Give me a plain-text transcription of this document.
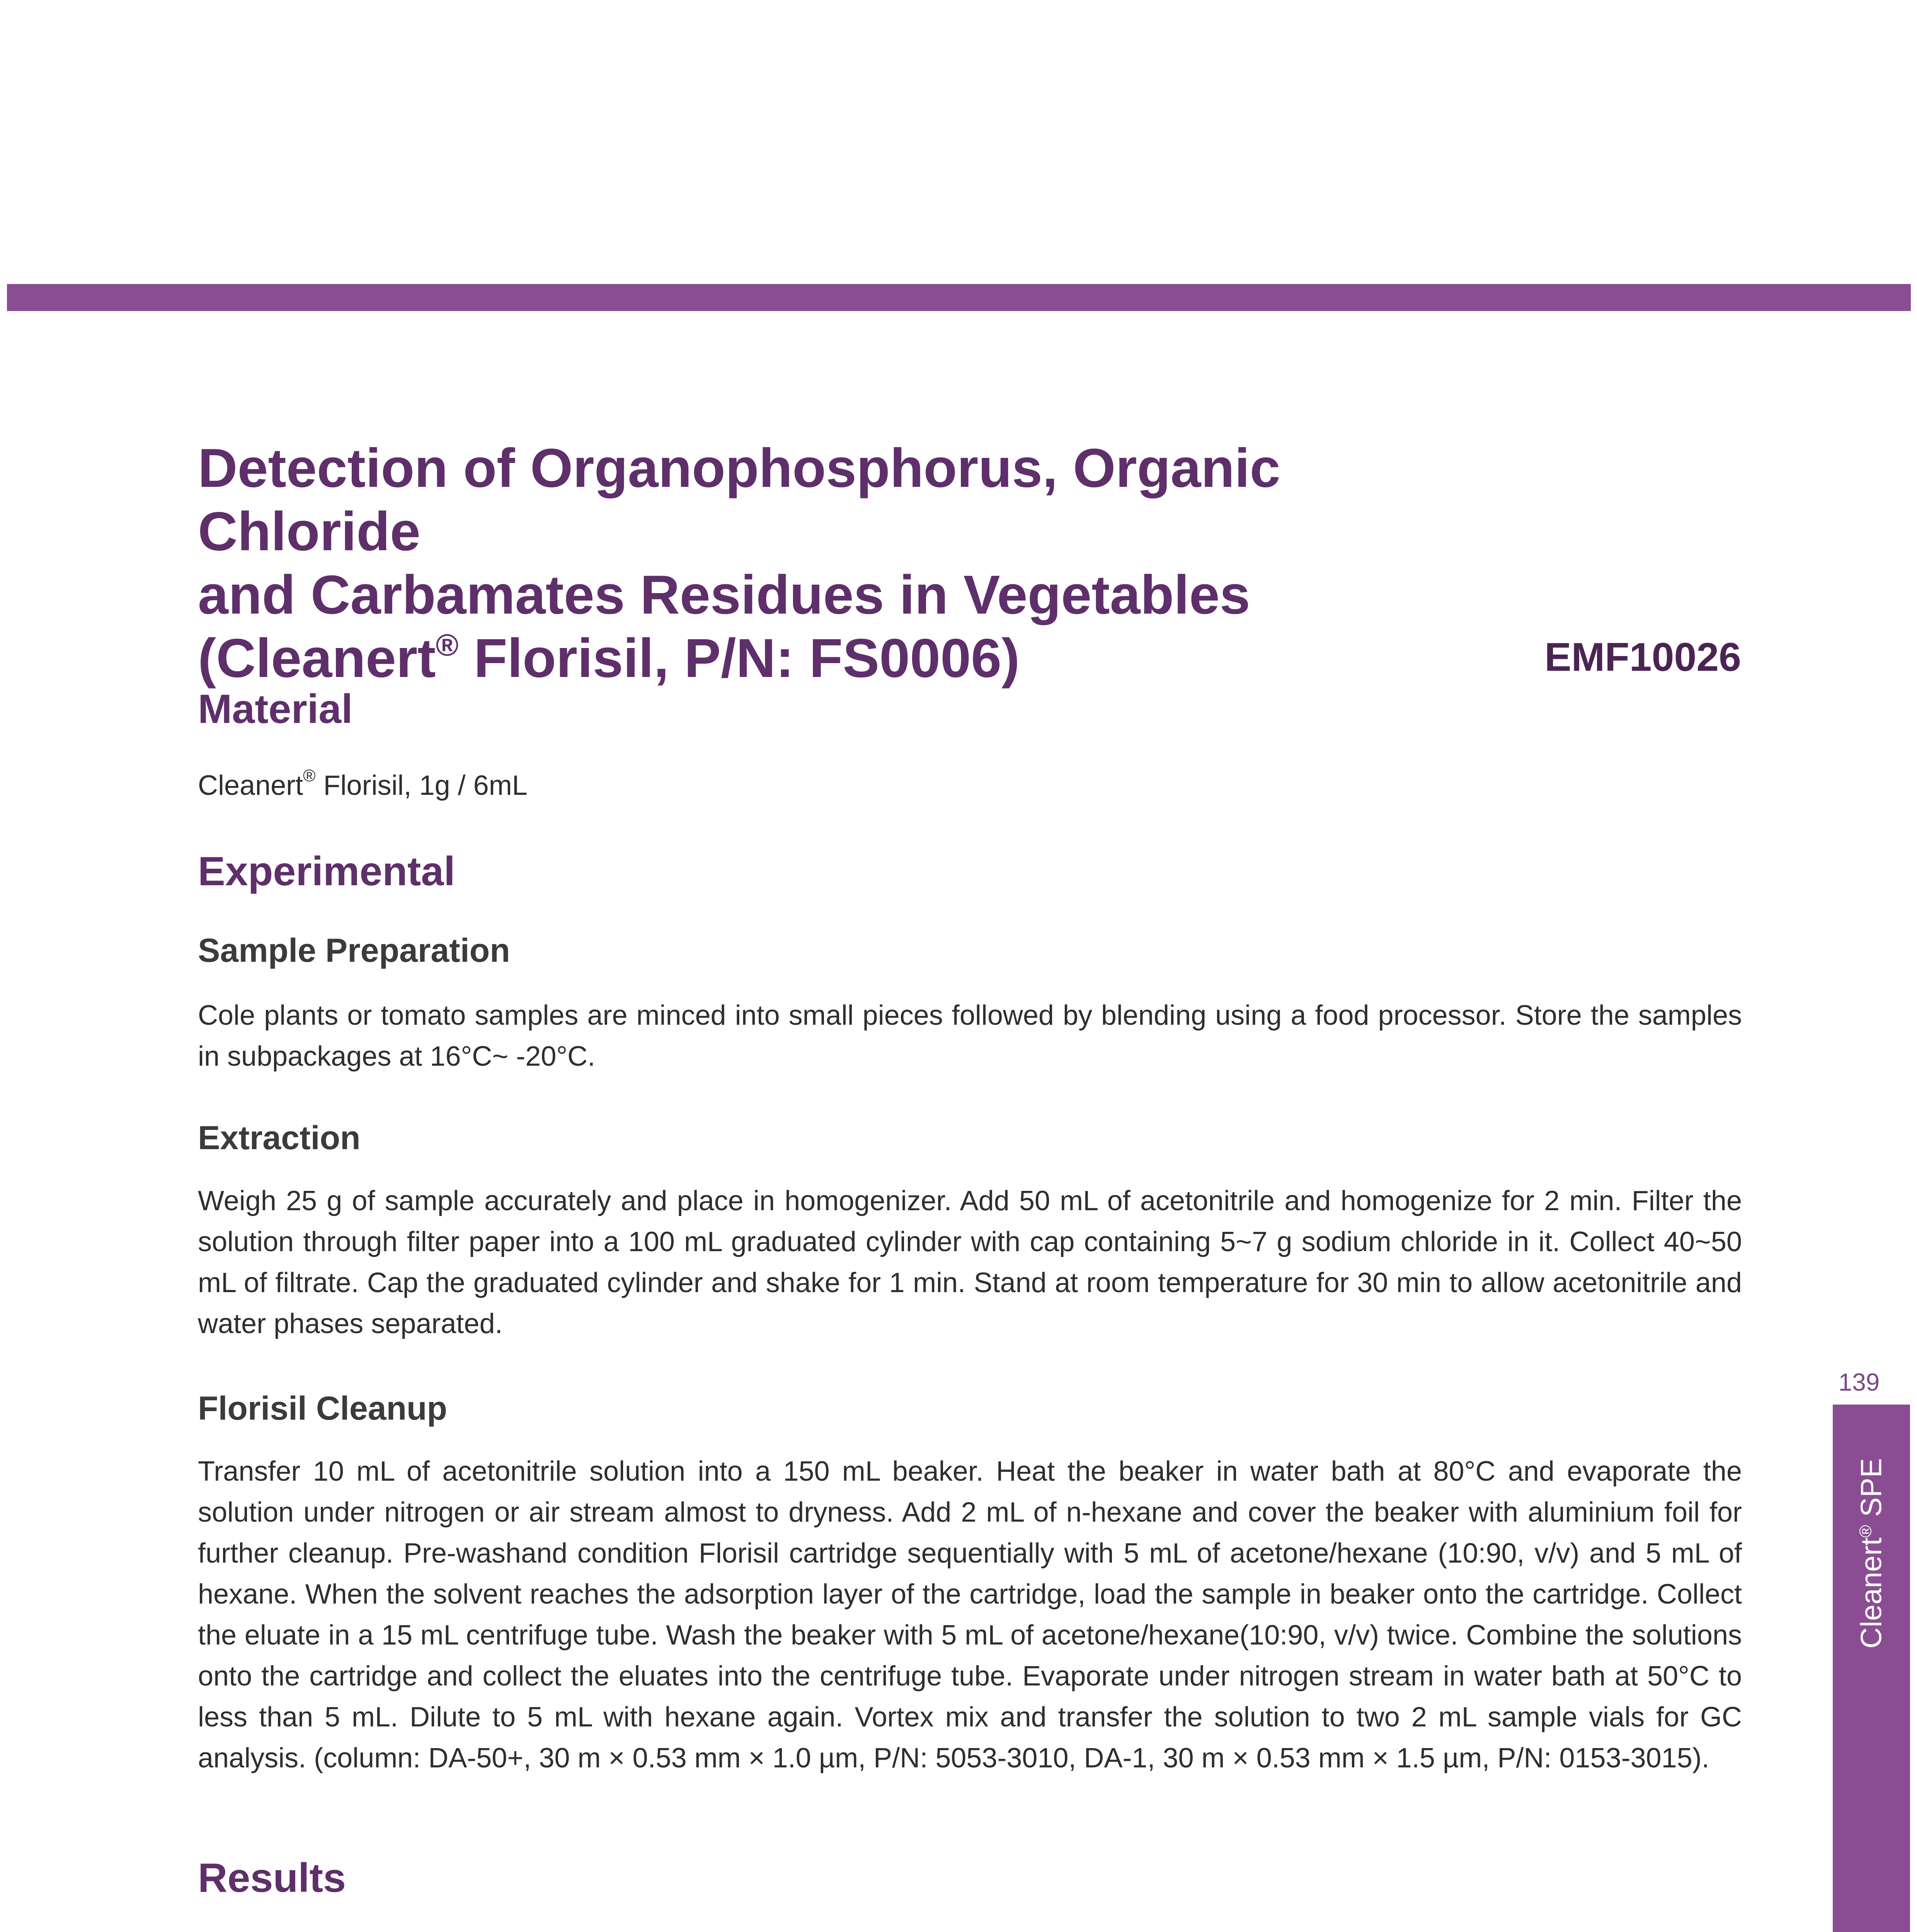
Detection of Organophosphorus, Organic Chloride
and Carbamates Residues in Vegetables
(Cleanert® Florisil, P/N: FS0006)	EMF10026
Material

Cleanert® Florisil, 1g / 6mL

Experimental
Sample Preparation

Cole plants or tomato samples are minced into small pieces followed by blending using a food processor. Store the samples in subpackages at 16°C~ -20°C.

Extraction

Weigh 25 g of sample accurately and place in homogenizer. Add 50 mL of acetonitrile and homogenize for 2 min. Filter the solution through filter paper into a 100 mL graduated cylinder with cap containing 5~7 g sodium chloride in it. Collect 40~50 mL of filtrate. Cap the graduated cylinder and shake for 1 min. Stand at room temperature for 30 min to allow acetonitrile and water phases separated.

Florisil Cleanup

Transfer 10 mL of acetonitrile solution into a 150 mL beaker. Heat the beaker in water bath at 80°C and evaporate the solution under nitrogen or air stream almost to dryness. Add 2 mL of n-hexane and cover the beaker with aluminium foil for further cleanup. Pre-washand condition Florisil cartridge sequentially with 5 mL of acetone/hexane (10:90, v/v) and 5 mL of hexane. When the solvent reaches the adsorption layer of the cartridge, load the sample in beaker onto the cartridge. Collect the eluate in a 15 mL centrifuge tube. Wash the beaker with 5 mL of acetone/hexane(10:90, v/v) twice. Combine the solutions onto the cartridge and collect the eluates into the centrifuge tube. Evaporate under nitrogen stream in water bath at 50°C to less than 5 mL. Dilute to 5 mL with hexane again. Vortex mix and transfer the solution to two 2 mL sample vials for GC analysis. (column: DA-50+, 30 m × 0.53 mm × 1.0 µm, P/N: 5053-3010, DA-1, 30 m × 0.53 mm × 1.5 µm, P/N: 0153-3015).

Results

139
Cleanert® SPE
